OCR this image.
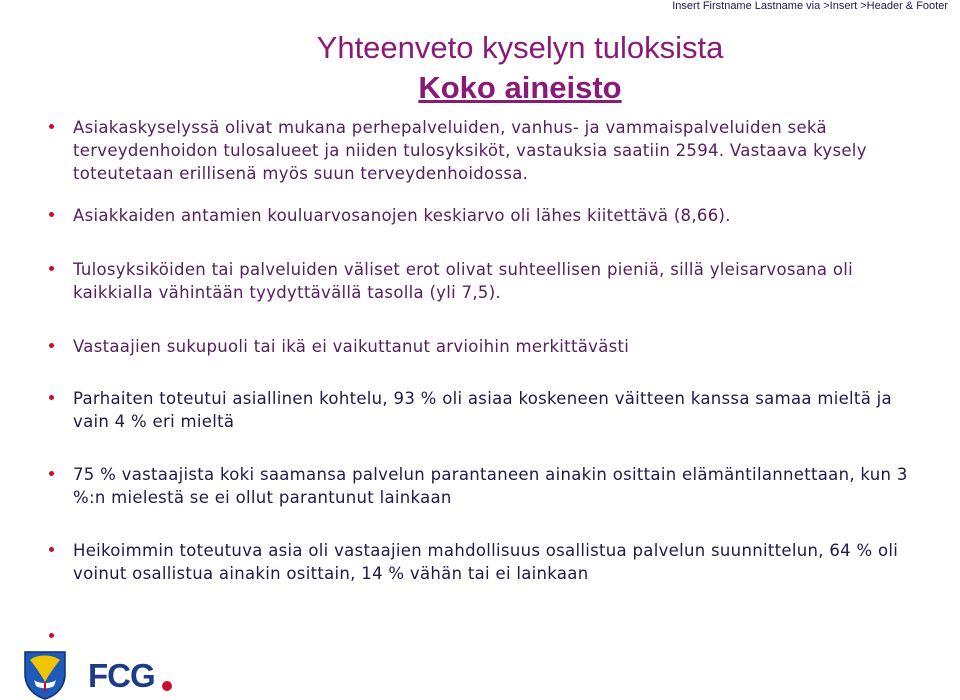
Insert Firstname Lastname via >Insert >Header & Footer

Yhteenveto kyselyn tuloksista

Koko aineisto

Asiakaskyselyssä olivat mukana perhepalveluiden, vanhus- ja vammaispalveluiden sekä terveydenhoidon tulosalueet ja niiden tulosyksiköt, vastauksia saatiin 2594. Vastaava kysely toteutetaan erillisenä myös suun terveydenhoidossa.
Asiakkaiden antamien kouluarvosanojen keskiarvo oli lähes kiitettävä (8,66).
Tulosyksiköiden tai palveluiden väliset erot olivat suhteellisen pieniä, sillä yleisarvosana oli kaikkialla vähintään tyydyttävällä tasolla (yli 7,5).
Vastaajien sukupuoli tai ikä ei vaikuttanut arvioihin merkittävästi
Parhaiten toteutui asiallinen kohtelu, 93 % oli asiaa koskeneen väitteen kanssa samaa mieltä ja vain 4 % eri mieltä
75 % vastaajista koki saamansa palvelun parantaneen ainakin osittain elämäntilannettaan, kun 3 %:n mielestä se ei ollut parantunut lainkaan
Heikoimmin toteutuva asia oli vastaajien mahdollisuus osallistua palvelun suunnittelun, 64 % oli voinut osallistua ainakin osittain, 14 % vähän tai ei lainkaan
FCG
